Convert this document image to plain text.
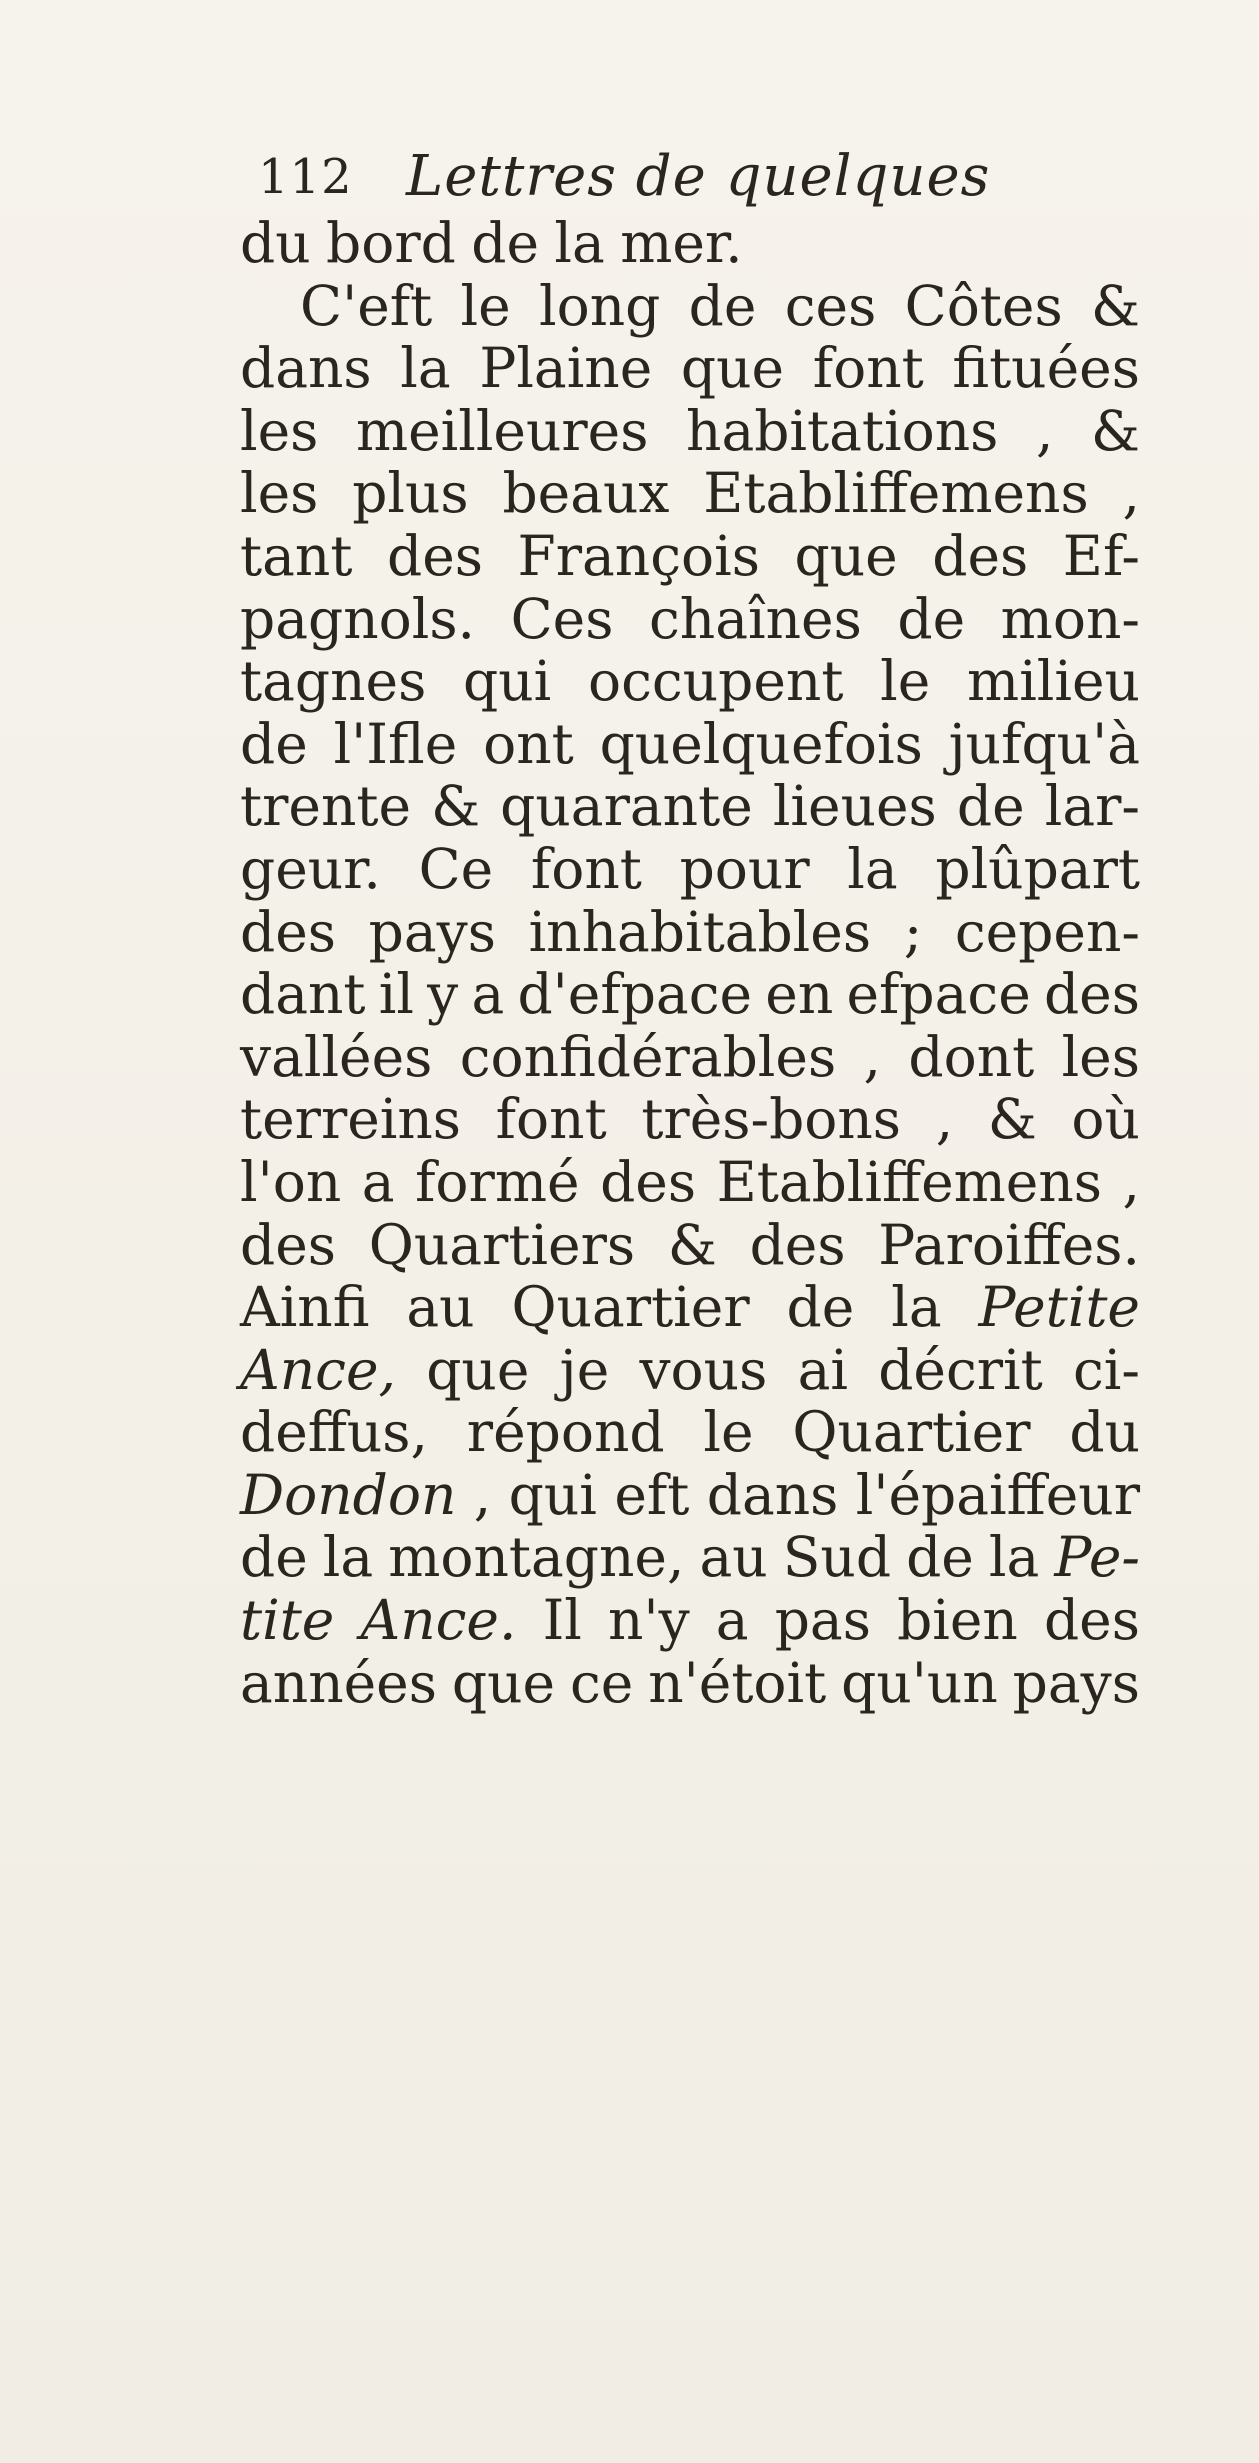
112 Lettres de quelques
du bord de la mer.
C'eft le long de ces Côtes &
dans la Plaine que font fituées
les meilleures habitations , &
les plus beaux Etabliffemens ,
tant des François que des Ef-
pagnols. Ces chaînes de mon-
tagnes qui occupent le milieu
de l'Ifle ont quelquefois jufqu'à
trente & quarante lieues de lar-
geur. Ce font pour la plûpart
des pays inhabitables ; cepen-
dant il y a d'efpace en efpace des
vallées confidérables , dont les
terreins font très-bons , & où
l'on a formé des Etabliffemens ,
des Quartiers & des Paroiffes.
Ainfi au Quartier de la Petite
Ance, que je vous ai décrit ci-
deffus, répond le Quartier du
Dondon , qui eft dans l'épaiffeur
de la montagne, au Sud de la Pe-
tite Ance. Il n'y a pas bien des
années que ce n'étoit qu'un pays
